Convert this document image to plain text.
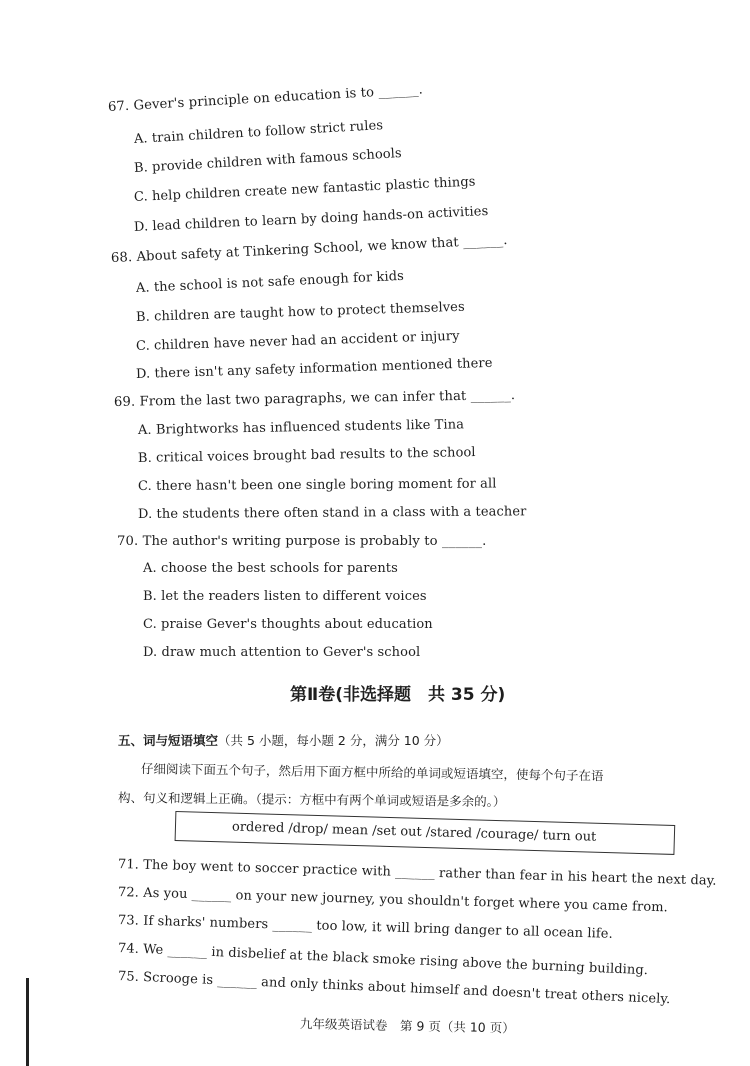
67. Gever's principle on education is to ______.
A. train children to follow strict rules
B. provide children with famous schools
C. help children create new fantastic plastic things
D. lead children to learn by doing hands-on activities
68. About safety at Tinkering School, we know that ______.
A. the school is not safe enough for kids
B. children are taught how to protect themselves
C. children have never had an accident or injury
D. there isn't any safety information mentioned there
69. From the last two paragraphs, we can infer that ______.
A. Brightworks has influenced students like Tina
B. critical voices brought bad results to the school
C. there hasn't been one single boring moment for all
D. the students there often stand in a class with a teacher
70. The author's writing purpose is probably to ______.
A. choose the best schools for parents
B. let the readers listen to different voices
C. praise Gever's thoughts about education
D. draw much attention to Gever's school
第Ⅱ卷(非选择题　共 35 分)
五、词与短语填空（共 5 小题，每小题 2 分，满分 10 分）
仔细阅读下面五个句子，然后用下面方框中所给的单词或短语填空，使每个句子在语
构、句义和逻辑上正确。（提示：方框中有两个单词或短语是多余的。）
ordered /drop/ mean /set out /stared /courage/ turn out
71. The boy went to soccer practice with ______ rather than fear in his heart the next day.
72. As you ______ on your new journey, you shouldn't forget where you came from.
73. If sharks' numbers ______ too low, it will bring danger to all ocean life.
74. We ______ in disbelief at the black smoke rising above the burning building.
75. Scrooge is ______ and only thinks about himself and doesn't treat others nicely.
九年级英语试卷　第 9 页（共 10 页）
